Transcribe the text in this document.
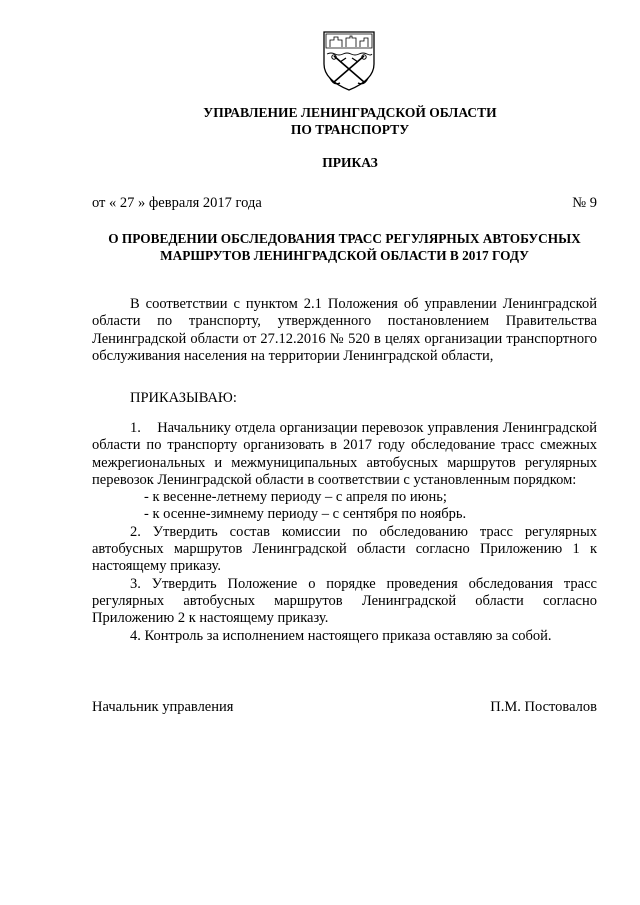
УПРАВЛЕНИЕ ЛЕНИНГРАДСКОЙ ОБЛАСТИ
ПО ТРАНСПОРТУ
ПРИКАЗ
от « 27 » февраля 2017 года	№ 9
О ПРОВЕДЕНИИ ОБСЛЕДОВАНИЯ ТРАСС РЕГУЛЯРНЫХ АВТОБУСНЫХ
МАРШРУТОВ ЛЕНИНГРАДСКОЙ ОБЛАСТИ В 2017 ГОДУ

В соответствии с пунктом 2.1 Положения об управлении Ленинградской области по транспорту, утвержденного постановлением Правительства Ленинградской области от 27.12.2016 № 520 в целях организации транспортного обслуживания населения на территории Ленинградской области,

ПРИКАЗЫВАЮ:

1.    Начальнику отдела организации перевозок управления Ленинградской области по транспорту организовать в 2017 году обследование трасс смежных межрегиональных и межмуниципальных автобусных маршрутов регулярных перевозок Ленинградской области в соответствии с установленным порядком:

- к весенне-летнему периоду – с апреля по июнь;

- к осенне-зимнему периоду – с сентября по ноябрь.

2. Утвердить состав комиссии по обследованию трасс регулярных автобусных маршрутов Ленинградской области согласно Приложению 1 к настоящему приказу.

3. Утвердить Положение о порядке проведения обследования трасс регулярных автобусных маршрутов Ленинградской области согласно Приложению 2 к настоящему приказу.

4. Контроль за исполнением настоящего приказа оставляю за собой.

Начальник управления	П.М. Постовалов
